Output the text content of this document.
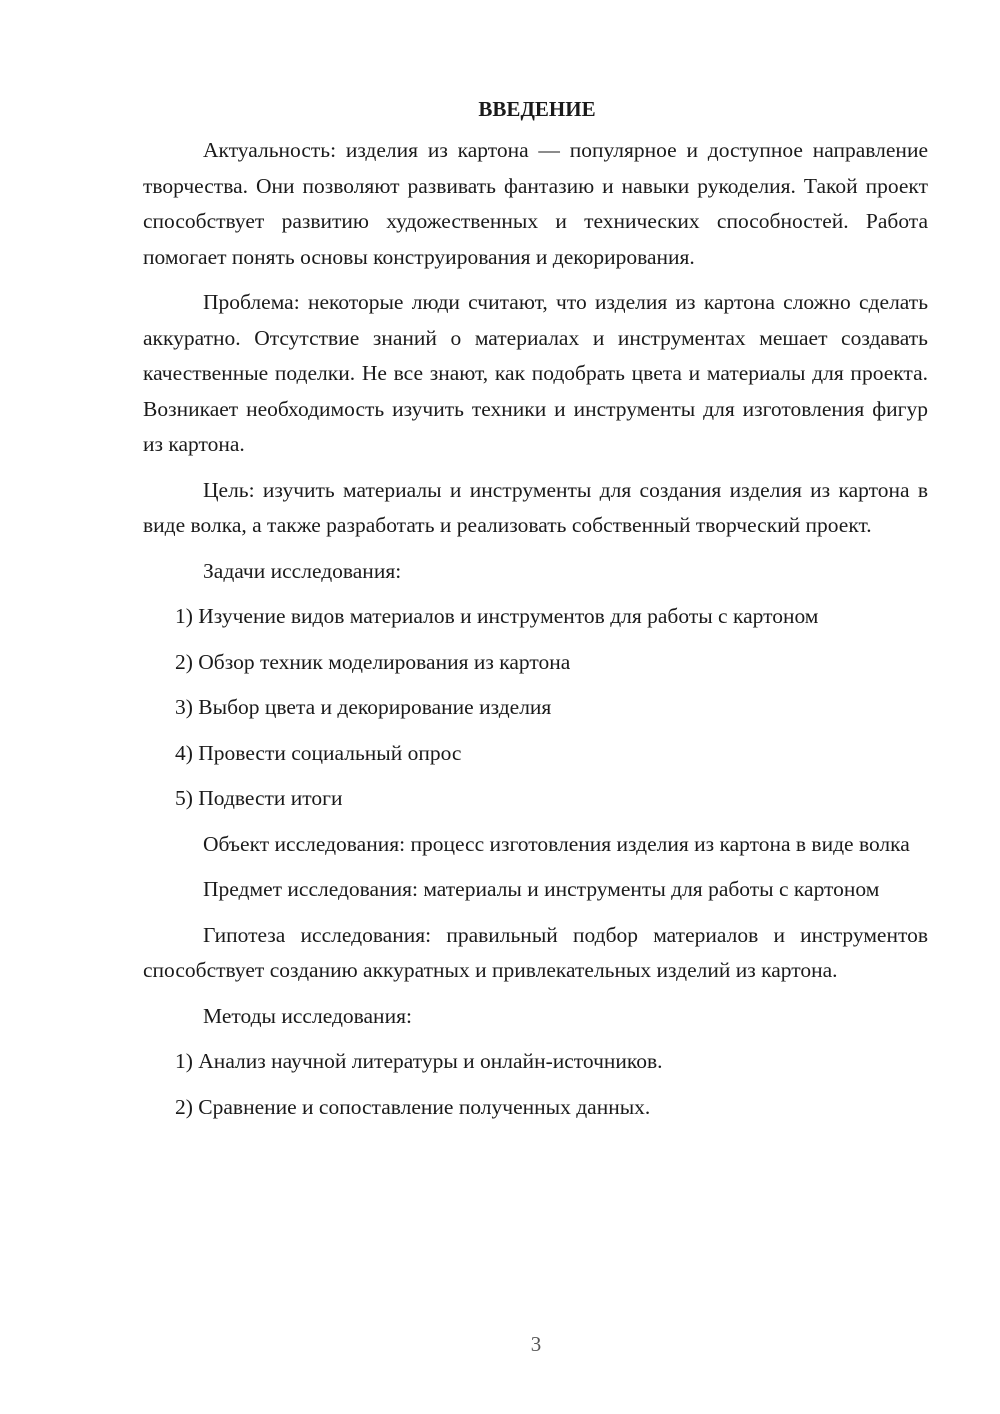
ВВЕДЕНИЕ

Актуальность: изделия из картона — популярное и доступное направление творчества. Они позволяют развивать фантазию и навыки рукоделия. Такой проект способствует развитию художественных и технических способностей. Работа помогает понять основы конструирования и декорирования.

Проблема: некоторые люди считают, что изделия из картона сложно сделать аккуратно. Отсутствие знаний о материалах и инструментах мешает создавать качественные поделки. Не все знают, как подобрать цвета и материалы для проекта. Возникает необходимость изучить техники и инструменты для изготовления фигур из картона.

Цель: изучить материалы и инструменты для создания изделия из картона в виде волка, а также разработать и реализовать собственный творческий проект.

Задачи исследования:

1) Изучение видов материалов и инструментов для работы с картоном

2) Обзор техник моделирования из картона

3) Выбор цвета и декорирование изделия

4) Провести социальный опрос

5) Подвести итоги

Объект исследования: процесс изготовления изделия из картона в виде волка

Предмет исследования: материалы и инструменты для работы с картоном

Гипотеза исследования: правильный подбор материалов и инструментов способствует созданию аккуратных и привлекательных изделий из картона.

Методы исследования:

1) Анализ научной литературы и онлайн-источников.

2) Сравнение и сопоставление полученных данных.

3
